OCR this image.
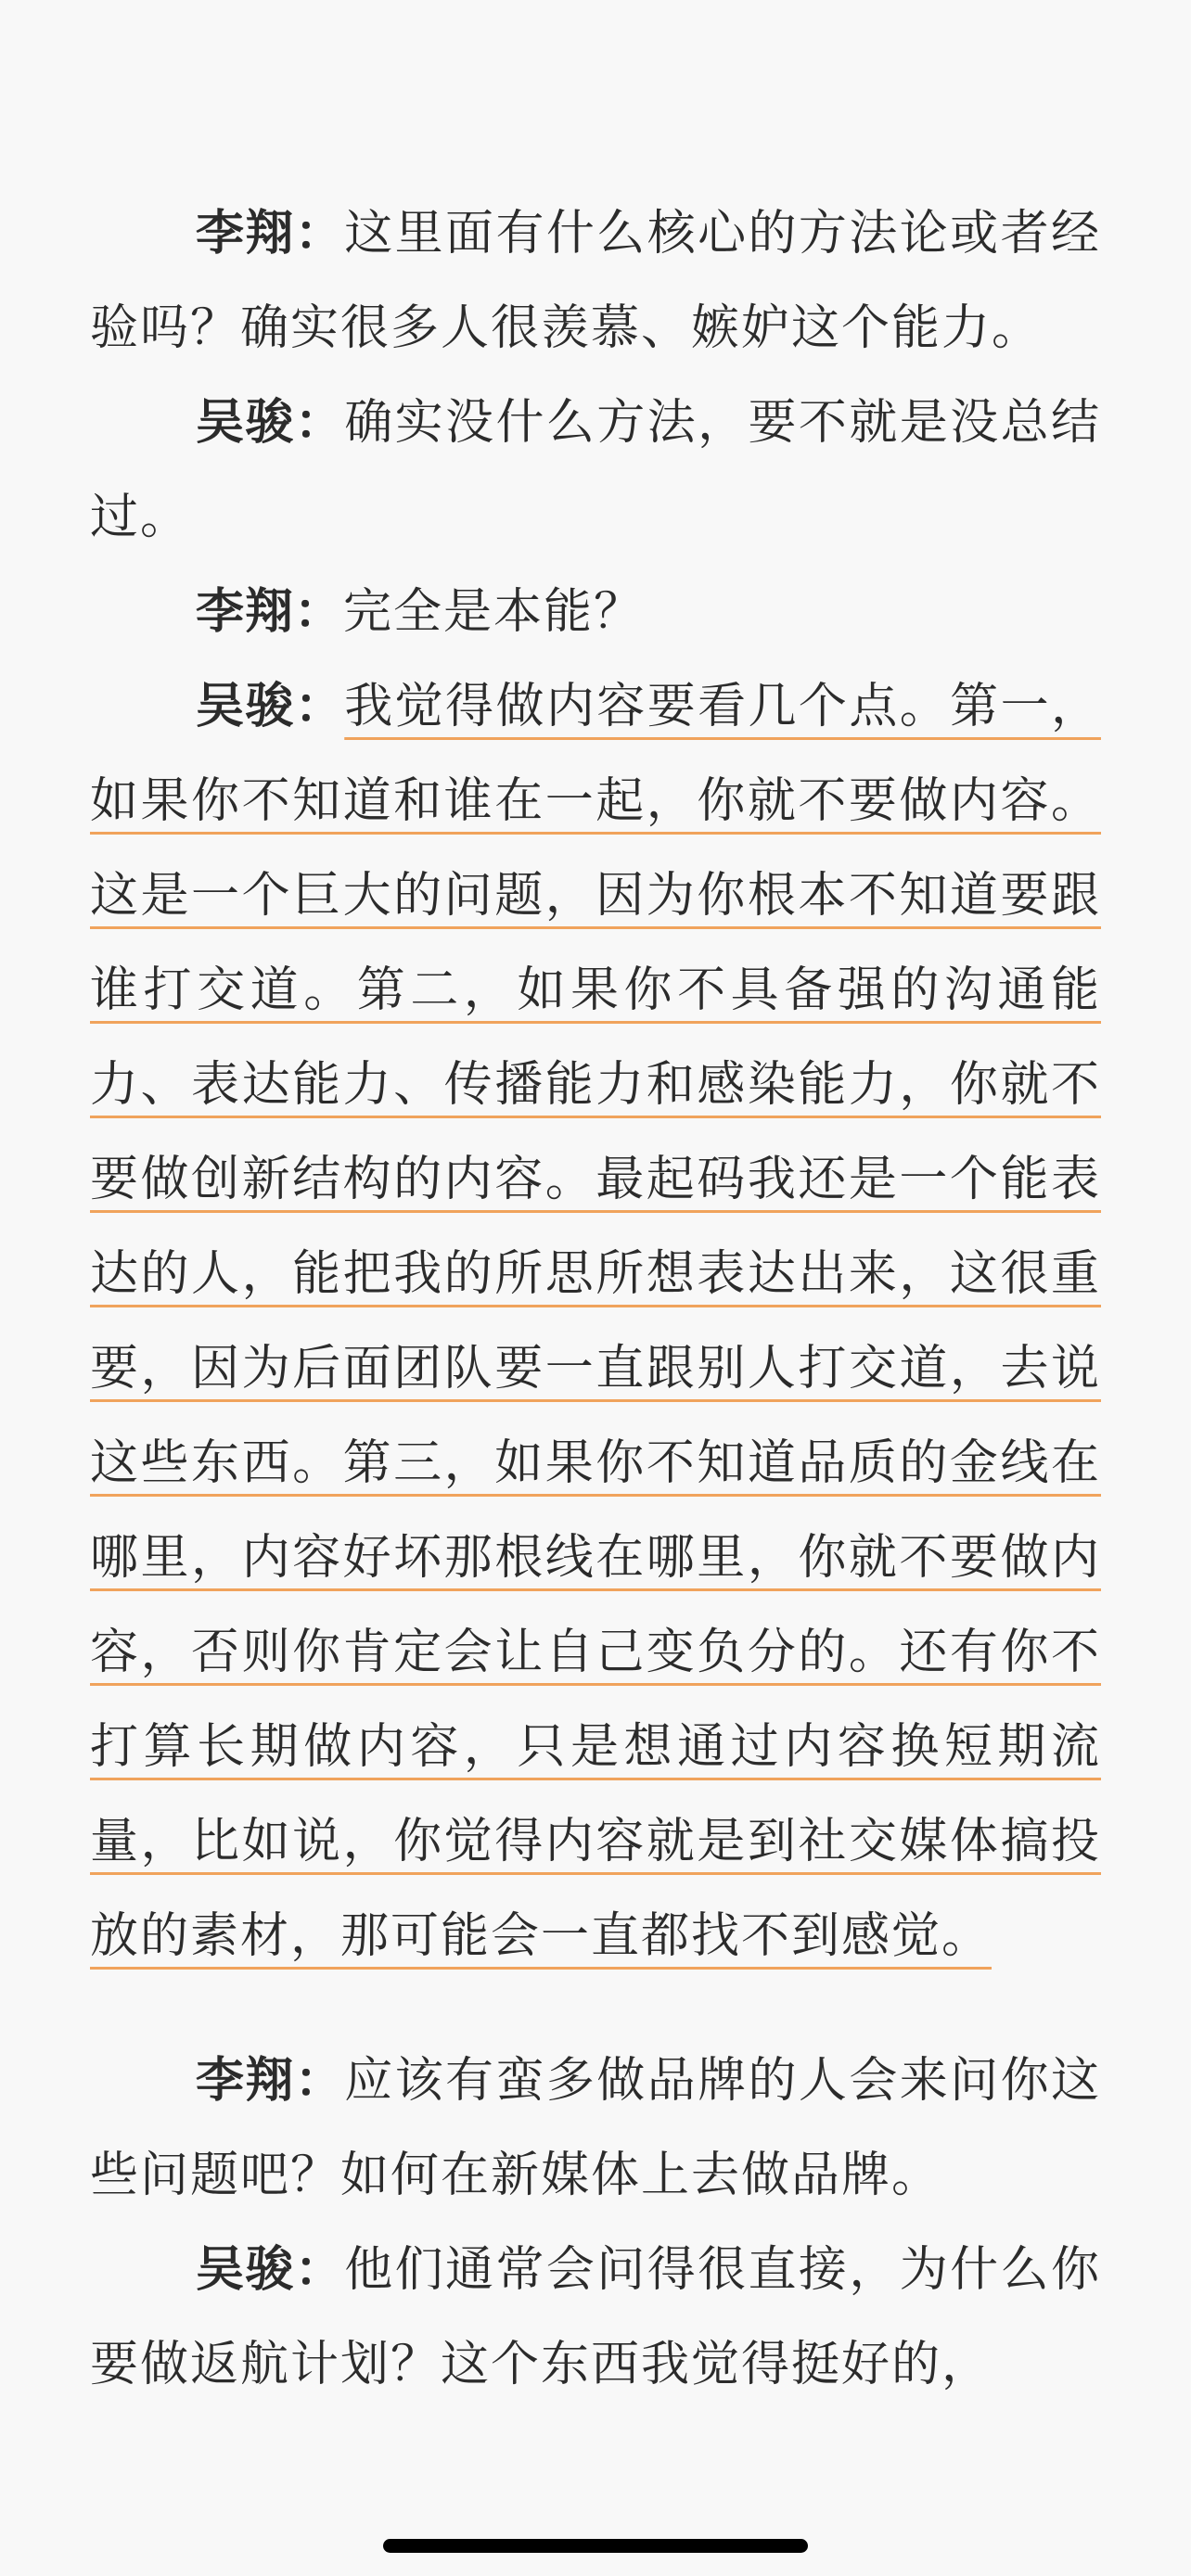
李翔：这里面有什么核心的方法论或者经验吗？确实很多人很羡慕、嫉妒这个能力。

吴骏：确实没什么方法，要不就是没总结过。

李翔：完全是本能？

吴骏：我觉得做内容要看几个点。第一，如果你不知道和谁在一起，你就不要做内容。这是一个巨大的问题，因为你根本不知道要跟谁打交道。第二，如果你不具备强的沟通能力、表达能力、传播能力和感染能力，你就不要做创新结构的内容。最起码我还是一个能表达的人，能把我的所思所想表达出来，这很重要，因为后面团队要一直跟别人打交道，去说这些东西。第三，如果你不知道品质的金线在哪里，内容好坏那根线在哪里，你就不要做内容，否则你肯定会让自己变负分的。还有你不打算长期做内容，只是想通过内容换短期流量，比如说，你觉得内容就是到社交媒体搞投放的素材，那可能会一直都找不到感觉。

李翔：应该有蛮多做品牌的人会来问你这些问题吧？如何在新媒体上去做品牌。

吴骏：他们通常会问得很直接，为什么你要做返航计划？这个东西我觉得挺好的，
